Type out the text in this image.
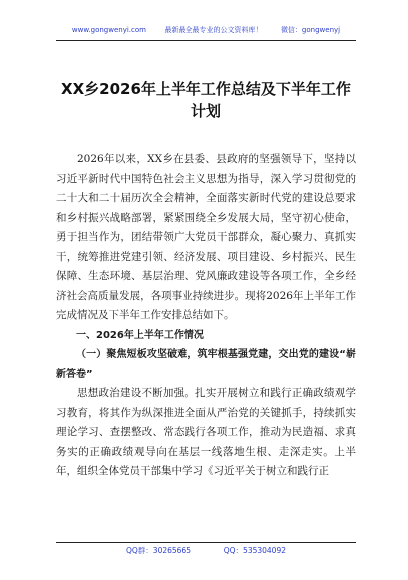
www.gongwenyi.com	最新最全最专业的公文资料库！	微信：gongwenyj
XX乡2026年上半年工作总结及下半年工作计划

2026年以来，XX乡在县委、县政府的坚强领导下，坚持以习近平新时代中国特色社会主义思想为指导，深入学习贯彻党的二十大和二十届历次全会精神，全面落实新时代党的建设总要求和乡村振兴战略部署，紧紧围绕全乡发展大局，坚守初心使命，勇于担当作为，团结带领广大党员干部群众，凝心聚力、真抓实干，统筹推进党建引领、经济发展、项目建设、乡村振兴、民生保障、生态环境、基层治理、党风廉政建设等各项工作，全乡经济社会高质量发展，各项事业持续进步。现将2026年上半年工作完成情况及下半年工作安排总结如下。

一、2026年上半年工作情况

（一）聚焦短板攻坚破难，筑牢根基强党建，交出党的建设“崭新答卷”

思想政治建设不断加强。扎实开展树立和践行正确政绩观学习教育，将其作为纵深推进全面从严治党的关键抓手，持续抓实理论学习、查摆整改、常态践行各项工作，推动为民造福、求真务实的正确政绩观导向在基层一线落地生根、走深走实。上半年，组织全体党员干部集中学习《习近平关于树立和践行正

QQ群：30265665	QQ：535304092
